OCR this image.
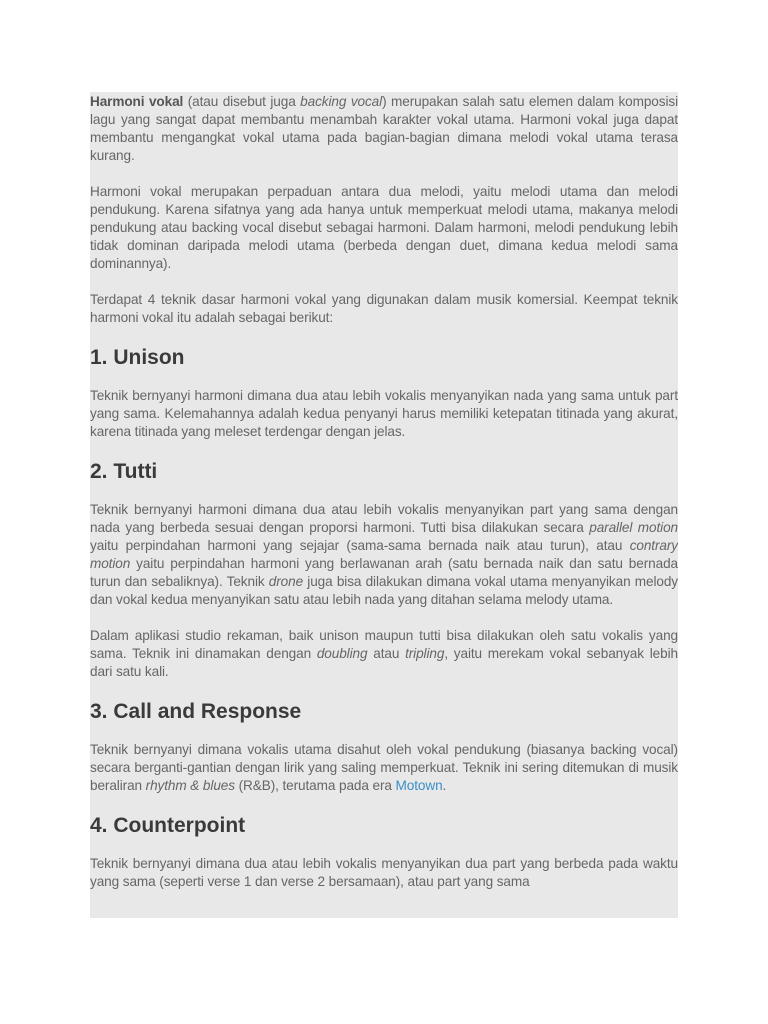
Harmoni vokal (atau disebut juga backing vocal) merupakan salah satu elemen dalam komposisi lagu yang sangat dapat membantu menambah karakter vokal utama. Harmoni vokal juga dapat membantu mengangkat vokal utama pada bagian-bagian dimana melodi vokal utama terasa kurang.

Harmoni vokal merupakan perpaduan antara dua melodi, yaitu melodi utama dan melodi pendukung. Karena sifatnya yang ada hanya untuk memperkuat melodi utama, makanya melodi pendukung atau backing vocal disebut sebagai harmoni. Dalam harmoni, melodi pendukung lebih tidak dominan daripada melodi utama (berbeda dengan duet, dimana kedua melodi sama dominannya).

Terdapat 4 teknik dasar harmoni vokal yang digunakan dalam musik komersial. Keempat teknik harmoni vokal itu adalah sebagai berikut:

1. Unison

Teknik bernyanyi harmoni dimana dua atau lebih vokalis menyanyikan nada yang sama untuk part yang sama. Kelemahannya adalah kedua penyanyi harus memiliki ketepatan titinada yang akurat, karena titinada yang meleset terdengar dengan jelas.

2. Tutti

Teknik bernyanyi harmoni dimana dua atau lebih vokalis menyanyikan part yang sama dengan nada yang berbeda sesuai dengan proporsi harmoni. Tutti bisa dilakukan secara parallel motion yaitu perpindahan harmoni yang sejajar (sama-sama bernada naik atau turun), atau contrary motion yaitu perpindahan harmoni yang berlawanan arah (satu bernada naik dan satu bernada turun dan sebaliknya). Teknik drone juga bisa dilakukan dimana vokal utama menyanyikan melody dan vokal kedua menyanyikan satu atau lebih nada yang ditahan selama melody utama.

Dalam aplikasi studio rekaman, baik unison maupun tutti bisa dilakukan oleh satu vokalis yang sama. Teknik ini dinamakan dengan doubling atau tripling, yaitu merekam vokal sebanyak lebih dari satu kali.

3. Call and Response

Teknik bernyanyi dimana vokalis utama disahut oleh vokal pendukung (biasanya backing vocal) secara berganti-gantian dengan lirik yang saling memperkuat. Teknik ini sering ditemukan di musik beraliran rhythm & blues (R&B), terutama pada era Motown.

4. Counterpoint

Teknik bernyanyi dimana dua atau lebih vokalis menyanyikan dua part yang berbeda pada waktu yang sama (seperti verse 1 dan verse 2 bersamaan), atau part yang sama
